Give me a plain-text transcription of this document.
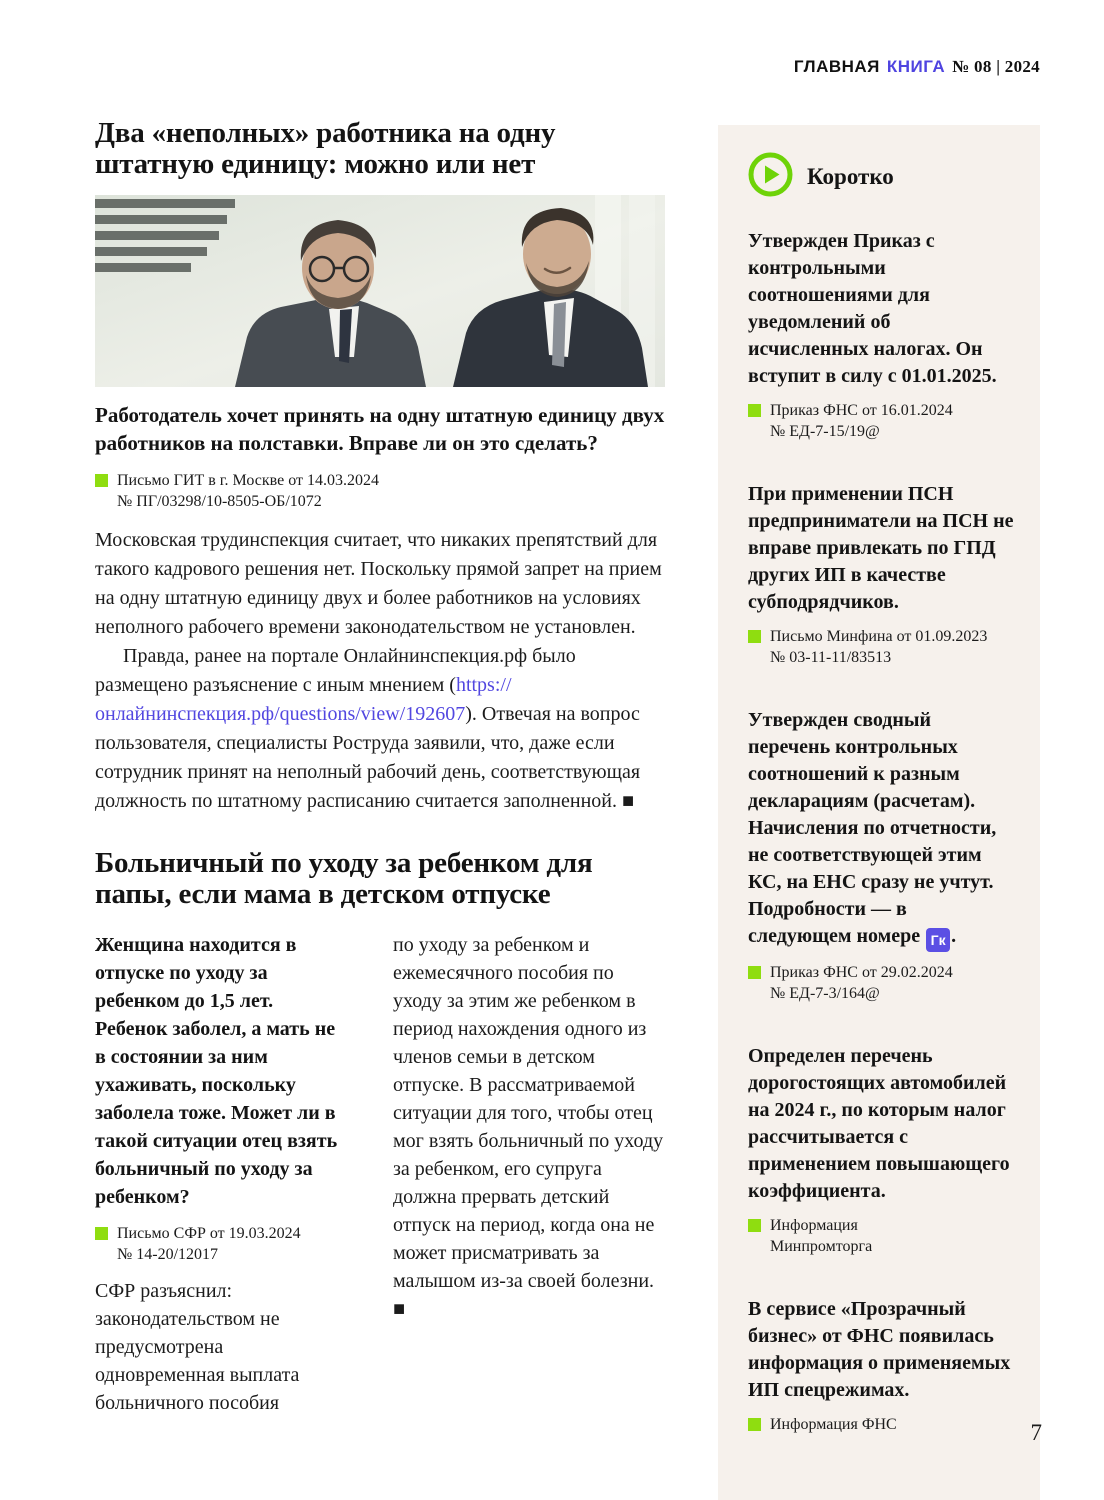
ГЛАВНАЯ КНИГА № 08 | 2024
Два «неполных» работника на одну штатную единицу: можно или нет

Работодатель хочет принять на одну штатную единицу двух работников на полставки. Вправе ли он это сделать?

Письмо ГИТ в г. Москве от 14.03.2024
№ ПГ/03298/10-8505-ОБ/1072

Московская трудинспекция считает, что никаких препятствий для такого кадрового решения нет. Поскольку прямой запрет на прием на одну штатную единицу двух и более работников на условиях неполного рабочего времени законодательством не установлен.

Правда, ранее на портале Онлайнинспекция.рф было размещено разъяснение с иным мнением (https://онлайнинспекция.рф/questions/view/192607). Отвечая на вопрос пользователя, специалисты Роструда заявили, что, даже если сотрудник принят на неполный рабочий день, соответствующая должность по штатному расписанию считается заполненной. ■

Больничный по уходу за ребенком для папы, если мама в детском отпуске

Женщина находится в отпуске по уходу за ребенком до 1,5 лет. Ребенок заболел, а мать не в состоянии за ним ухаживать, поскольку заболела тоже. Может ли в такой ситуации отец взять больничный по уходу за ребенком?

Письмо СФР от 19.03.2024
№ 14-20/12017

СФР разъяснил: законодательством не предусмотрена одновременная выплата больничного пособия

по уходу за ребенком и ежемесячного пособия по уходу за этим же ребенком в период нахождения одного из членов семьи в детском отпуске. В рассматриваемой ситуации для того, чтобы отец мог взять больничный по уходу за ребенком, его супруга должна прервать детский отпуск на период, когда она не может присматривать за малышом из-за своей болезни. ■

Коротко

Утвержден Приказ с контрольными соотношениями для уведомлений об исчисленных налогах. Он вступит в силу с 01.01.2025.

Приказ ФНС от 16.01.2024
№ ЕД-7-15/19@

При применении ПСН предприниматели на ПСН не вправе привлекать по ГПД других ИП в качестве субподрядчиков.

Письмо Минфина от 01.09.2023
№ 03-11-11/83513

Утвержден сводный перечень контрольных соотношений к разным декларациям (расчетам). Начисления по отчетности, не соответствующей этим КС, на ЕНС сразу не учтут. Подробности — в следующем номере Гк .

Приказ ФНС от 29.02.2024
№ ЕД-7-3/164@

Определен перечень дорогостоящих автомобилей на 2024 г., по которым налог рассчитывается с применением повышающего коэффициента.

Информация
Минпромторга

В сервисе «Прозрачный бизнес» от ФНС появилась информация о применяемых ИП спецрежимах.

Информация ФНС	7
